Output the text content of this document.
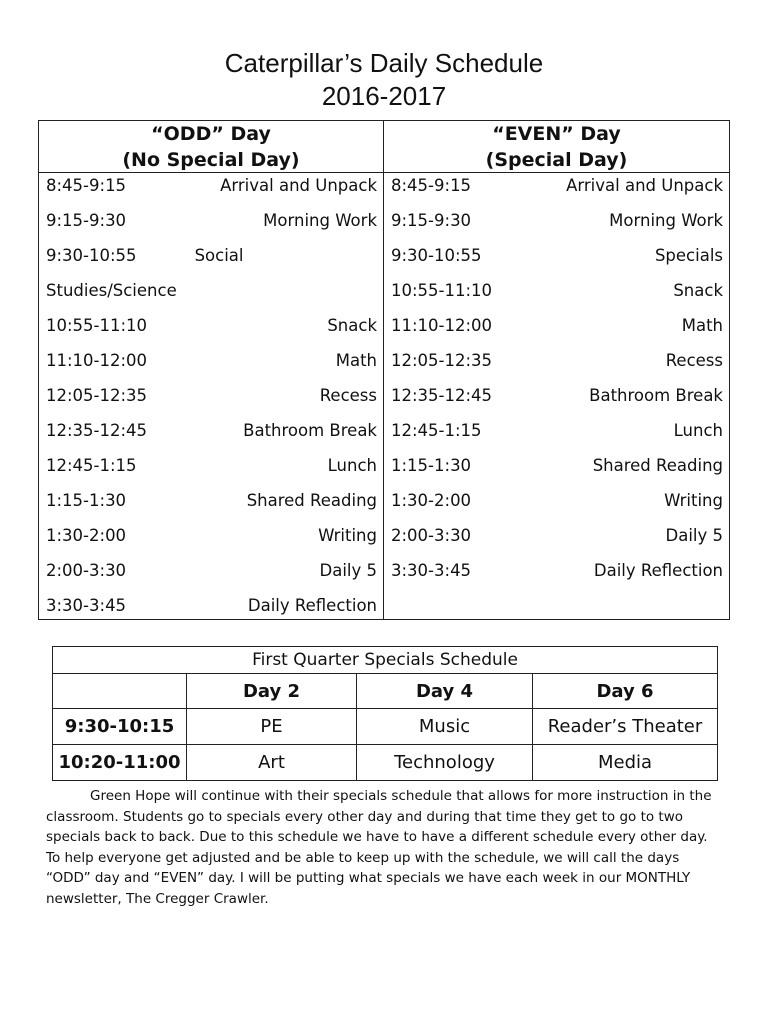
Caterpillar’s Daily Schedule
2016-2017
“ODD” Day
(No Special Day)
8:45-9:15	Arrival and Unpack
9:15-9:30	Morning Work
9:30-10:55	Social
Studies/Science
10:55-11:10	Snack
11:10-12:00	Math
12:05-12:35	Recess
12:35-12:45	Bathroom Break
12:45-1:15	Lunch
1:15-1:30	Shared Reading
1:30-2:00	Writing
2:00-3:30	Daily 5
3:30-3:45	Daily Reflection
“EVEN” Day
(Special Day)
8:45-9:15	Arrival and Unpack
9:15-9:30	Morning Work
9:30-10:55	Specials
10:55-11:10	Snack
11:10-12:00	Math
12:05-12:35	Recess
12:35-12:45	Bathroom Break
12:45-1:15	Lunch
1:15-1:30	Shared Reading
1:30-2:00	Writing
2:00-3:30	Daily 5
3:30-3:45	Daily Reflection
First Quarter Specials Schedule			
	Day 2	Day 4	Day 6
9:30-10:15	PE	Music	Reader’s Theater
10:20-11:00	Art	Technology	Media

Green Hope will continue with their specials schedule that allows for more instruction in the classroom. Students go to specials every other day and during that time they get to go to two specials back to back. Due to this schedule we have to have a different schedule every other day. To help everyone get adjusted and be able to keep up with the schedule, we will call the days “ODD” day and “EVEN” day. I will be putting what specials we have each week in our MONTHLY newsletter, The Cregger Crawler.
